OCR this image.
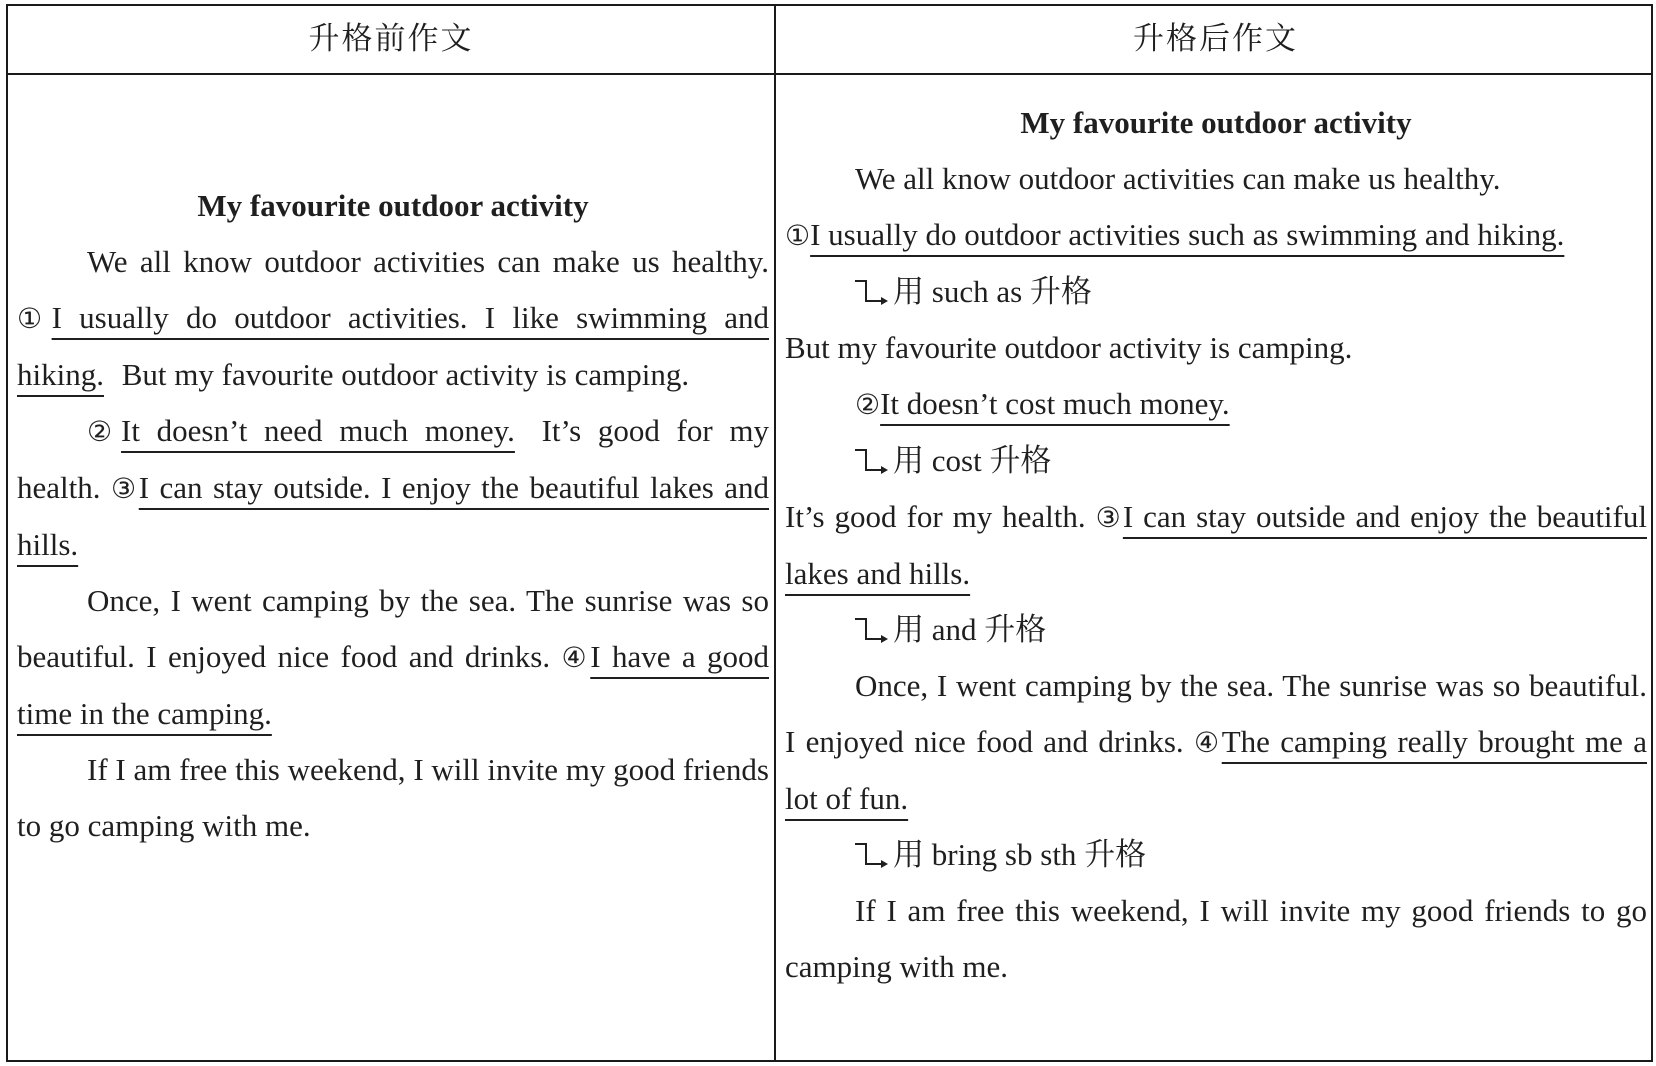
升格前作文	升格后作文

My favourite outdoor activity

We all know outdoor activities can make us healthy. ①I usually do outdoor activities. I like swimming and hiking. But my favourite outdoor activity is camping.

②It doesn’t need much money. It’s good for my health. ③I can stay outside. I enjoy the beautiful lakes and hills.

Once, I went camping by the sea. The sunrise was so beautiful. I enjoyed nice food and drinks. ④I have a good time in the camping.

If I am free this weekend, I will invite my good friends to go camping with me.

My favourite outdoor activity

We all know outdoor activities can make us healthy.

①I usually do outdoor activities such as swimming and hiking.

用 such as 升格

But my favourite outdoor activity is camping.

②It doesn’t cost much money.

用 cost 升格

It’s good for my health. ③I can stay outside and enjoy the beautiful lakes and hills.

用 and 升格

Once, I went camping by the sea. The sunrise was so beautiful. I enjoyed nice food and drinks. ④The camping really brought me a lot of fun.

用 bring sb sth 升格

If I am free this weekend, I will invite my good friends to go camping with me.
